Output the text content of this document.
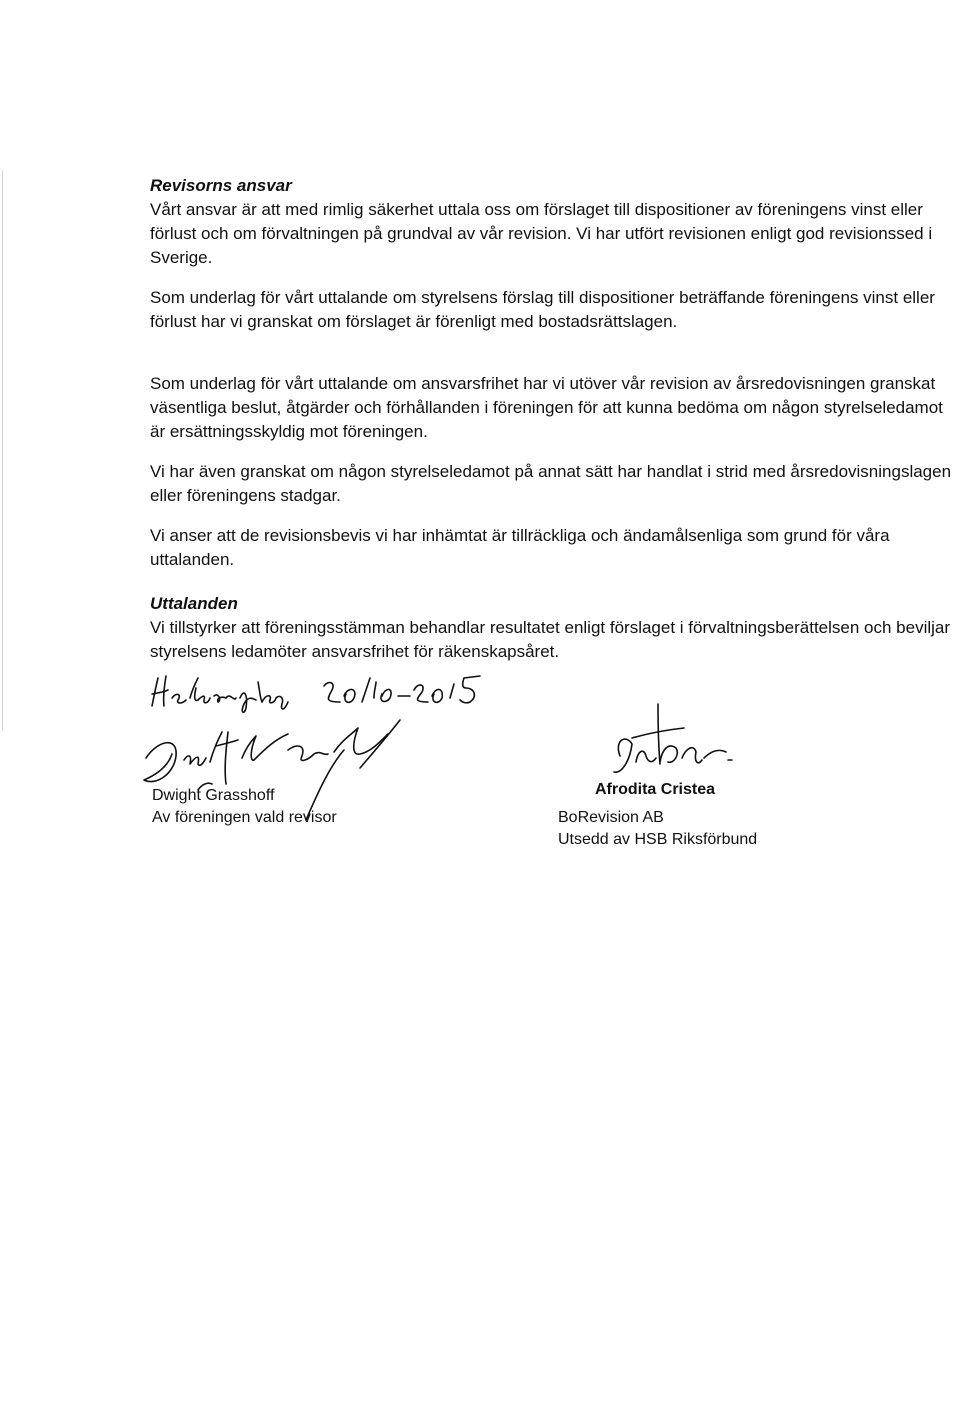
Revisorns ansvar

Vårt ansvar är att med rimlig säkerhet uttala oss om förslaget till dispositioner av föreningens vinst eller förlust och om förvaltningen på grundval av vår revision. Vi har utfört revisionen enligt god revisionssed i Sverige.

Som underlag för vårt uttalande om styrelsens förslag till dispositioner beträffande föreningens vinst eller förlust har vi granskat om förslaget är förenligt med bostadsrättslagen.

Som underlag för vårt uttalande om ansvarsfrihet har vi utöver vår revision av årsredovisningen granskat väsentliga beslut, åtgärder och förhållanden i föreningen för att kunna bedöma om någon styrelseledamot är ersättningsskyldig mot föreningen.

Vi har även granskat om någon styrelseledamot på annat sätt har handlat i strid med årsredovisningslagen eller föreningens stadgar.

Vi anser att de revisionsbevis vi har inhämtat är tillräckliga och ändamålsenliga som grund för våra uttalanden.

Uttalanden

Vi tillstyrker att föreningsstämman behandlar resultatet enligt förslaget i förvaltningsberättelsen och beviljar styrelsens ledamöter ansvarsfrihet för räkenskapsåret.

Dwight Grasshoff
Av föreningen vald revisor
Afrodita Cristea
BoRevision AB
Utsedd av HSB Riksförbund
